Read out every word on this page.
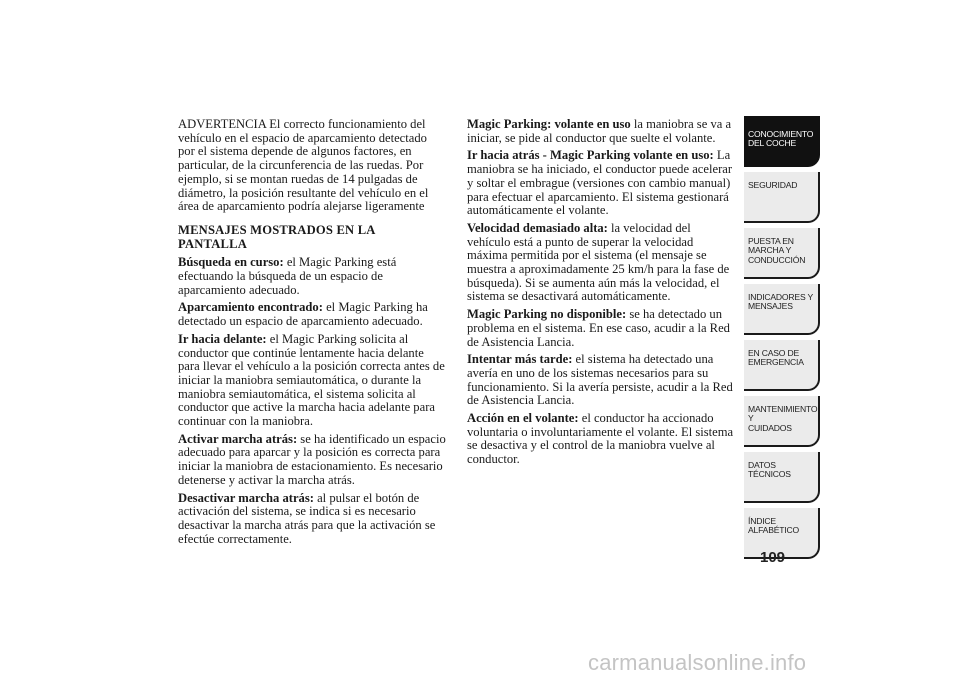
ADVERTENCIA El correcto funcionamiento del vehículo en el espacio de aparcamiento detectado por el sistema depende de algunos factores, en particular, de la circunferencia de las ruedas. Por ejemplo, si se montan ruedas de 14 pulgadas de diámetro, la posición resultante del vehículo en el área de aparcamiento podría alejarse ligeramente

MENSAJES MOSTRADOS EN LA PANTALLA

Búsqueda en curso: el Magic Parking está efectuando la búsqueda de un espacio de aparcamiento adecuado.

Aparcamiento encontrado: el Magic Parking ha detectado un espacio de aparcamiento adecuado.

Ir hacia delante: el Magic Parking solicita al conductor que continúe lentamente hacia delante para llevar el vehículo a la posición correcta antes de iniciar la maniobra semiautomática, o durante la maniobra semiautomática, el sistema solicita al conductor que active la marcha hacia adelante para continuar con la maniobra.

Activar marcha atrás: se ha identificado un espacio adecuado para aparcar y la posición es correcta para iniciar la maniobra de estacionamiento. Es necesario detenerse y activar la marcha atrás.

Desactivar marcha atrás: al pulsar el botón de activación del sistema, se indica si es necesario desactivar la marcha atrás para que la activación se efectúe correctamente.

Magic Parking: volante en uso la maniobra se va a iniciar, se pide al conductor que suelte el volante.

Ir hacia atrás - Magic Parking volante en uso: La maniobra se ha iniciado, el conductor puede acelerar y soltar el embrague (versiones con cambio manual) para efectuar el aparcamiento. El sistema gestionará automáticamente el volante.

Velocidad demasiado alta: la velocidad del vehículo está a punto de superar la velocidad máxima permitida por el sistema (el mensaje se muestra a aproximadamente 25 km/h para la fase de búsqueda). Si se aumenta aún más la velocidad, el sistema se desactivará automáticamente.

Magic Parking no disponible: se ha detectado un problema en el sistema. En ese caso, acudir a la Red de Asistencia Lancia.

Intentar más tarde: el sistema ha detectado una avería en uno de los sistemas necesarios para su funcionamiento. Si la avería persiste, acudir a la Red de Asistencia Lancia.

Acción en el volante: el conductor ha accionado voluntaria o involuntariamente el volante. El sistema se desactiva y el control de la maniobra vuelve al conductor.

CONOCIMIENTO
DEL COCHE
SEGURIDAD
PUESTA EN
MARCHA Y
CONDUCCIÓN
INDICADORES Y
MENSAJES
EN CASO DE
EMERGENCIA
MANTENIMIENTO Y
CUIDADOS
DATOS TÉCNICOS
ÍNDICE
ALFABÉTICO
109
carmanualsonline.info
